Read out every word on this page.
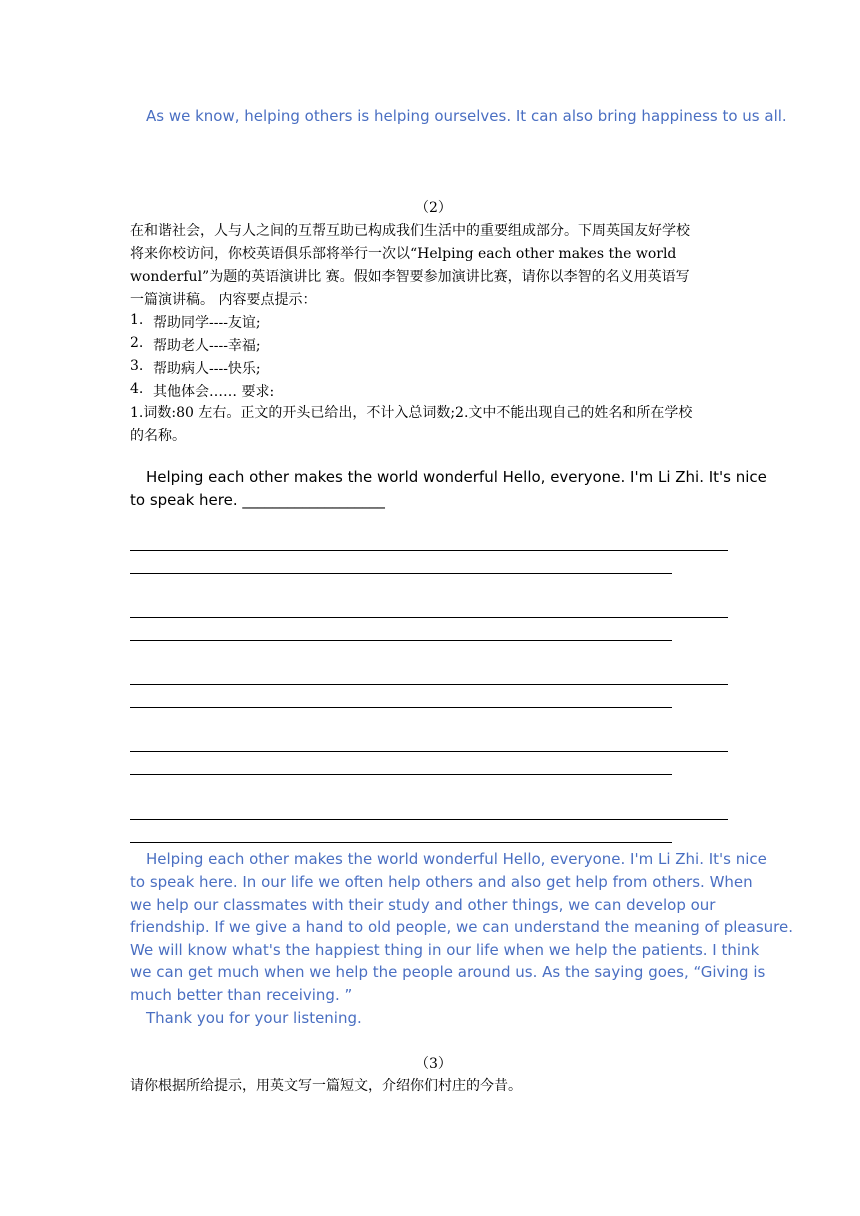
As we know, helping others is helping ourselves. It can also bring happiness to us all.
（2）
在和谐社会，人与人之间的互帮互助已构成我们生活中的重要组成部分。下周英国友好学校
将来你校访问，你校英语俱乐部将举行一次以“Helping each other makes the world
wonderful”为题的英语演讲比 赛。假如李智要参加演讲比赛，请你以李智的名义用英语写
一篇演讲稿。 内容要点提示：
1. 帮助同学----友谊;
2. 帮助老人----幸福;
3. 帮助病人----快乐;
4. 其他体会…… 要求:
1.词数:80 左右。正文的开头已给出，不计入总词数;2.文中不能出现自己的姓名和所在学校
的名称。
Helping each other makes the world wonderful Hello, everyone. I'm Li Zhi. It's nice
to speak here. ___________________
Helping each other makes the world wonderful Hello, everyone. I'm Li Zhi. It's nice
to speak here. In our life we often help others and also get help from others. When
we help our classmates with their study and other things, we can develop our
friendship. If we give a hand to old people, we can understand the meaning of pleasure.
We will know what's the happiest thing in our life when we help the patients. I think
we can get much when we help the people around us. As the saying goes, “Giving is
much better than receiving. ”
Thank you for your listening.
（3）
请你根据所给提示，用英文写一篇短文，介绍你们村庄的今昔。
